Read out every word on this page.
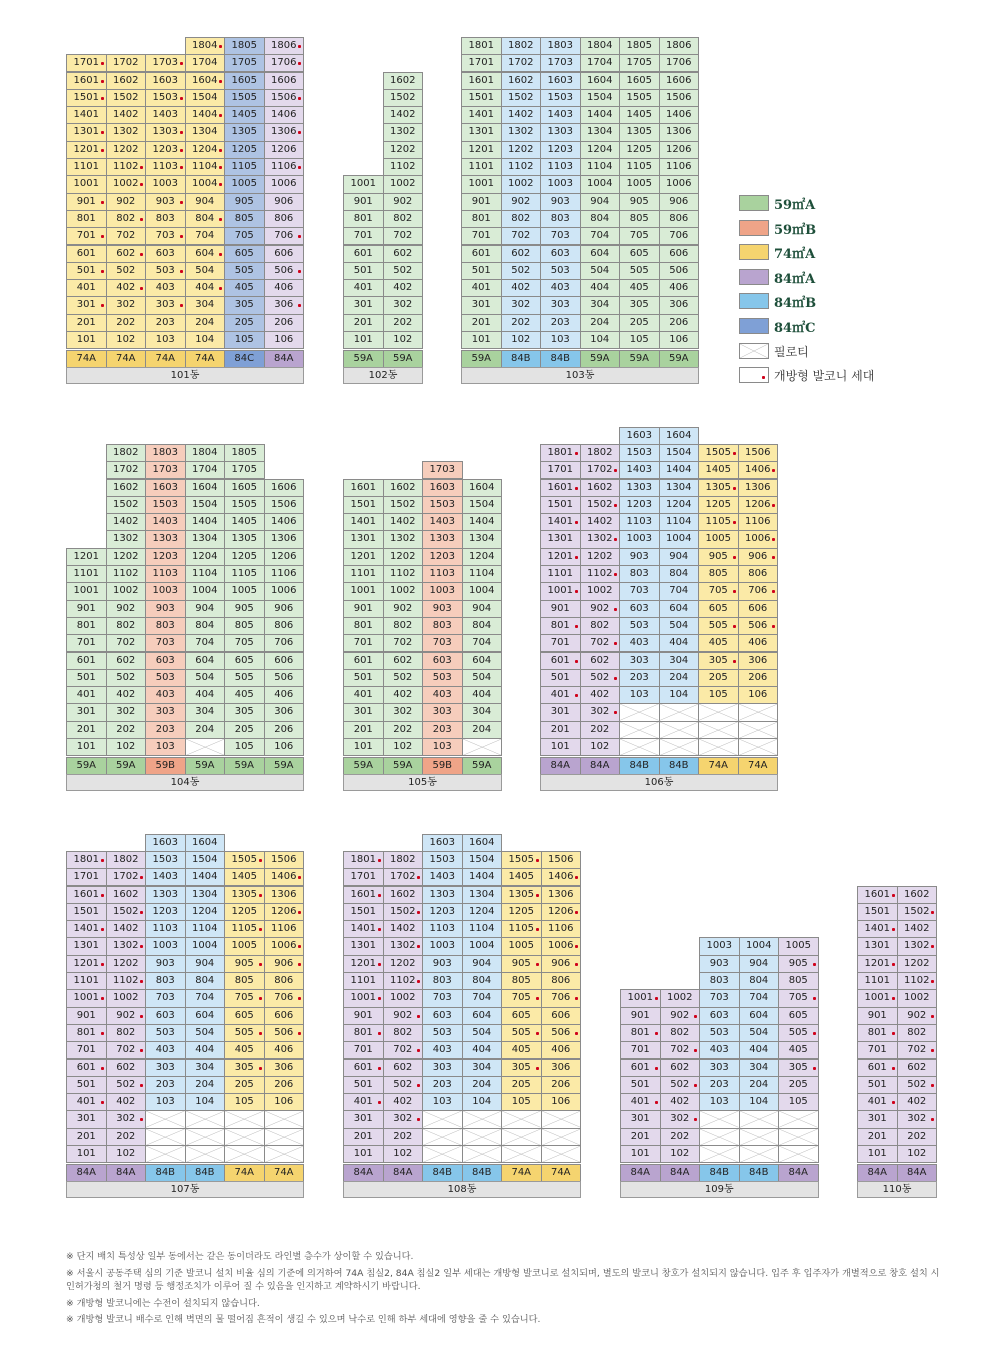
101
201
301
401
501
601
701
801
901
1001
1101
1201
1301
1401
1501
1601
1701
74A
102
202
302
402
502
602
702
802
902
1002
1102
1202
1302
1402
1502
1602
1702
74A
103
203
303
403
503
603
703
803
903
1003
1103
1203
1303
1403
1503
1603
1703
74A
104
204
304
404
504
604
704
804
904
1004
1104
1204
1304
1404
1504
1604
1704
1804
74A
105
205
305
405
505
605
705
805
905
1005
1105
1205
1305
1405
1505
1605
1705
1805
84C
106
206
306
406
506
606
706
806
906
1006
1106
1206
1306
1406
1506
1606
1706
1806
84A
101동
101
201
301
401
501
601
701
801
901
1001
59A
102
202
302
402
502
602
702
802
902
1002
1102
1202
1302
1402
1502
1602
59A
102동
101
201
301
401
501
601
701
801
901
1001
1101
1201
1301
1401
1501
1601
1701
1801
59A
102
202
302
402
502
602
702
802
902
1002
1102
1202
1302
1402
1502
1602
1702
1802
84B
103
203
303
403
503
603
703
803
903
1003
1103
1203
1303
1403
1503
1603
1703
1803
84B
104
204
304
404
504
604
704
804
904
1004
1104
1204
1304
1404
1504
1604
1704
1804
59A
105
205
305
405
505
605
705
805
905
1005
1105
1205
1305
1405
1505
1605
1705
1805
59A
106
206
306
406
506
606
706
806
906
1006
1106
1206
1306
1406
1506
1606
1706
1806
59A
103동
101
201
301
401
501
601
701
801
901
1001
1101
1201
59A
102
202
302
402
502
602
702
802
902
1002
1102
1202
1302
1402
1502
1602
1702
1802
59A
103
203
303
403
503
603
703
803
903
1003
1103
1203
1303
1403
1503
1603
1703
1803
59B
204
304
404
504
604
704
804
904
1004
1104
1204
1304
1404
1504
1604
1704
1804
59A
105
205
305
405
505
605
705
805
905
1005
1105
1205
1305
1405
1505
1605
1705
1805
59A
106
206
306
406
506
606
706
806
906
1006
1106
1206
1306
1406
1506
1606
59A
104동
101
201
301
401
501
601
701
801
901
1001
1101
1201
1301
1401
1501
1601
59A
102
202
302
402
502
602
702
802
902
1002
1102
1202
1302
1402
1502
1602
59A
103
203
303
403
503
603
703
803
903
1003
1103
1203
1303
1403
1503
1603
1703
59B
204
304
404
504
604
704
804
904
1004
1104
1204
1304
1404
1504
1604
59A
105동
101
201
301
401
501
601
701
801
901
1001
1101
1201
1301
1401
1501
1601
1701
1801
84A
102
202
302
402
502
602
702
802
902
1002
1102
1202
1302
1402
1502
1602
1702
1802
84A
103
203
303
403
503
603
703
803
903
1003
1103
1203
1303
1403
1503
1603
84B
104
204
304
404
504
604
704
804
904
1004
1104
1204
1304
1404
1504
1604
84B
105
205
305
405
505
605
705
805
905
1005
1105
1205
1305
1405
1505
74A
106
206
306
406
506
606
706
806
906
1006
1106
1206
1306
1406
1506
74A
106동
101
201
301
401
501
601
701
801
901
1001
1101
1201
1301
1401
1501
1601
1701
1801
84A
102
202
302
402
502
602
702
802
902
1002
1102
1202
1302
1402
1502
1602
1702
1802
84A
103
203
303
403
503
603
703
803
903
1003
1103
1203
1303
1403
1503
1603
84B
104
204
304
404
504
604
704
804
904
1004
1104
1204
1304
1404
1504
1604
84B
105
205
305
405
505
605
705
805
905
1005
1105
1205
1305
1405
1505
74A
106
206
306
406
506
606
706
806
906
1006
1106
1206
1306
1406
1506
74A
107동
101
201
301
401
501
601
701
801
901
1001
1101
1201
1301
1401
1501
1601
1701
1801
84A
102
202
302
402
502
602
702
802
902
1002
1102
1202
1302
1402
1502
1602
1702
1802
84A
103
203
303
403
503
603
703
803
903
1003
1103
1203
1303
1403
1503
1603
84B
104
204
304
404
504
604
704
804
904
1004
1104
1204
1304
1404
1504
1604
84B
105
205
305
405
505
605
705
805
905
1005
1105
1205
1305
1405
1505
74A
106
206
306
406
506
606
706
806
906
1006
1106
1206
1306
1406
1506
74A
108동
101
201
301
401
501
601
701
801
901
1001
84A
102
202
302
402
502
602
702
802
902
1002
84A
103
203
303
403
503
603
703
803
903
1003
84B
104
204
304
404
504
604
704
804
904
1004
84B
105
205
305
405
505
605
705
805
905
1005
84A
109동
101
201
301
401
501
601
701
801
901
1001
1101
1201
1301
1401
1501
1601
84A
102
202
302
402
502
602
702
802
902
1002
1102
1202
1302
1402
1502
1602
84A
110동
59㎡A
59㎡B
74㎡A
84㎡A
84㎡B
84㎡C
필로티
개방형 발코니 세대

※ 단지 배치 특성상 일부 동에서는 같은 동이더라도 라인별 층수가 상이할 수 있습니다.

※ 서울시 공동주택 심의 기준 발코니 설치 비율 심의 기준에 의거하여 74A 침실2, 84A 침실2 일부 세대는 개방형 발코니로 설치되며, 별도의 발코니 창호가 설치되지 않습니다. 입주 후 입주자가 개별적으로 창호 설치 시 인허가청의 철거 명령 등 행정조치가 이루어 질 수 있음을 인지하고 계약하시기 바랍니다.

※ 개방형 발코니에는 수전이 설치되지 않습니다.

※ 개방형 발코니 배수로 인해 벽면의 물 떨어짐 흔적이 생길 수 있으며 낙수로 인해 하부 세대에 영향을 줄 수 있습니다.
